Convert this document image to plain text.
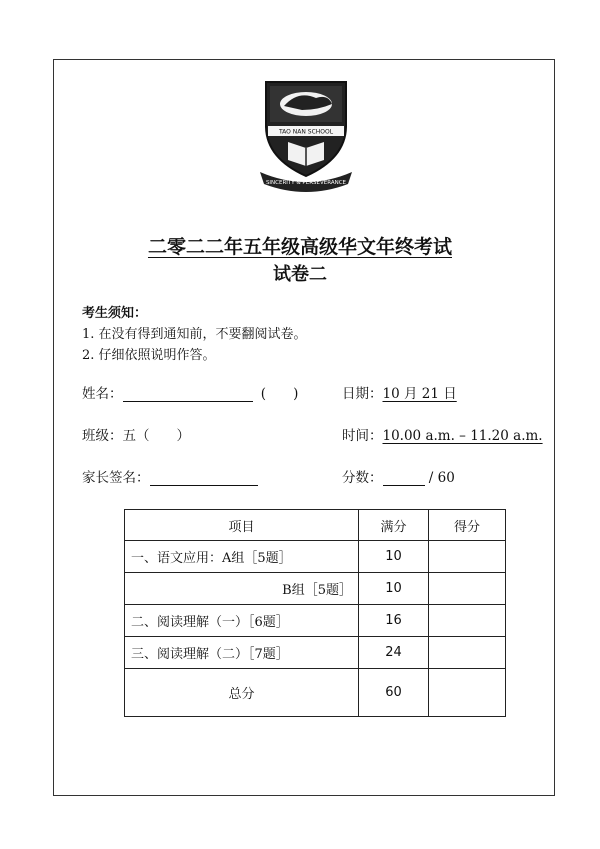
TAO NAN SCHOOL
SINCERITY & PERSEVERANCE
二零二二年五年级高级华文年终考试
试卷二
考生须知：
1. 在没有得到通知前，不要翻阅试卷。
2. 仔细依照说明作答。
姓名：	(　　)	日期：10 月 21 日
班级：五（　　）	时间：10.00 a.m. – 11.20 a.m.
家长签名：	分数：	/ 60
项目	满分	得分
一、语文应用：A组［5题］	10	
B组［5题］	10	
二、阅读理解（一）［6题］	16	
三、阅读理解（二）［7题］	24	
总分	60	
